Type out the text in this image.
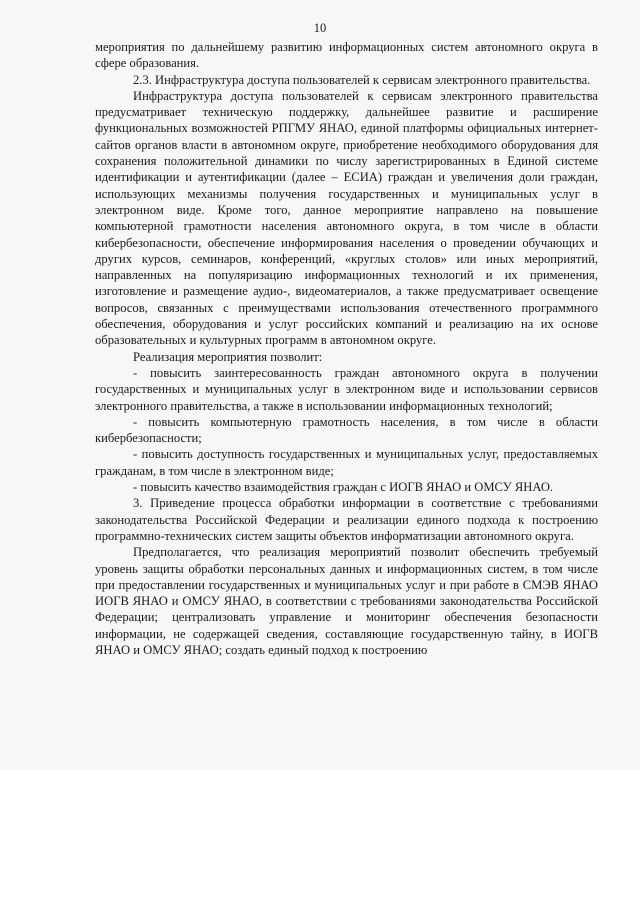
10

мероприятия по дальнейшему развитию информационных систем автономного округа в сфере образования.

2.3. Инфраструктура доступа пользователей к сервисам электронного правительства.

Инфраструктура доступа пользователей к сервисам электронного правительства предусматривает техническую поддержку, дальнейшее развитие и расширение функциональных возможностей РПГМУ ЯНАО, единой платформы официальных интернет-сайтов органов власти в автономном округе, приобретение необходимого оборудования для сохранения положительной динамики по числу зарегистрированных в Единой системе идентификации и аутентификации (далее – ЕСИА) граждан и увеличения доли граждан, использующих механизмы получения государственных и муниципальных услуг в электронном виде. Кроме того, данное мероприятие направлено на повышение компьютерной грамотности населения автономного округа, в том числе в области кибербезопасности, обеспечение информирования населения о проведении обучающих и других курсов, семинаров, конференций, «круглых столов» или иных мероприятий, направленных на популяризацию информационных технологий и их применения, изготовление и размещение аудио-, видеоматериалов, а также предусматривает освещение вопросов, связанных с преимуществами использования отечественного программного обеспечения, оборудования и услуг российских компаний и реализацию на их основе образовательных и культурных программ в автономном округе.

Реализация мероприятия позволит:

- повысить заинтересованность граждан автономного округа в получении государственных и муниципальных услуг в электронном виде и использовании сервисов электронного правительства, а также в использовании информационных технологий;

- повысить компьютерную грамотность населения, в том числе в области кибербезопасности;

- повысить доступность государственных и муниципальных услуг, предоставляемых гражданам, в том числе в электронном виде;

- повысить качество взаимодействия граждан с ИОГВ ЯНАО и ОМСУ ЯНАО.

3. Приведение процесса обработки информации в соответствие с требованиями законодательства Российской Федерации и реализации единого подхода к построению программно-технических систем защиты объектов информатизации автономного округа.

Предполагается, что реализация мероприятий позволит обеспечить требуемый уровень защиты обработки персональных данных и информационных систем, в том числе при предоставлении государственных и муниципальных услуг и при работе в СМЭВ ЯНАО ИОГВ ЯНАО и ОМСУ ЯНАО, в соответствии с требованиями законодательства Российской Федерации; централизовать управление и мониторинг обеспечения безопасности информации, не содержащей сведения, составляющие государственную тайну, в ИОГВ ЯНАО и ОМСУ ЯНАО; создать единый подход к построению
